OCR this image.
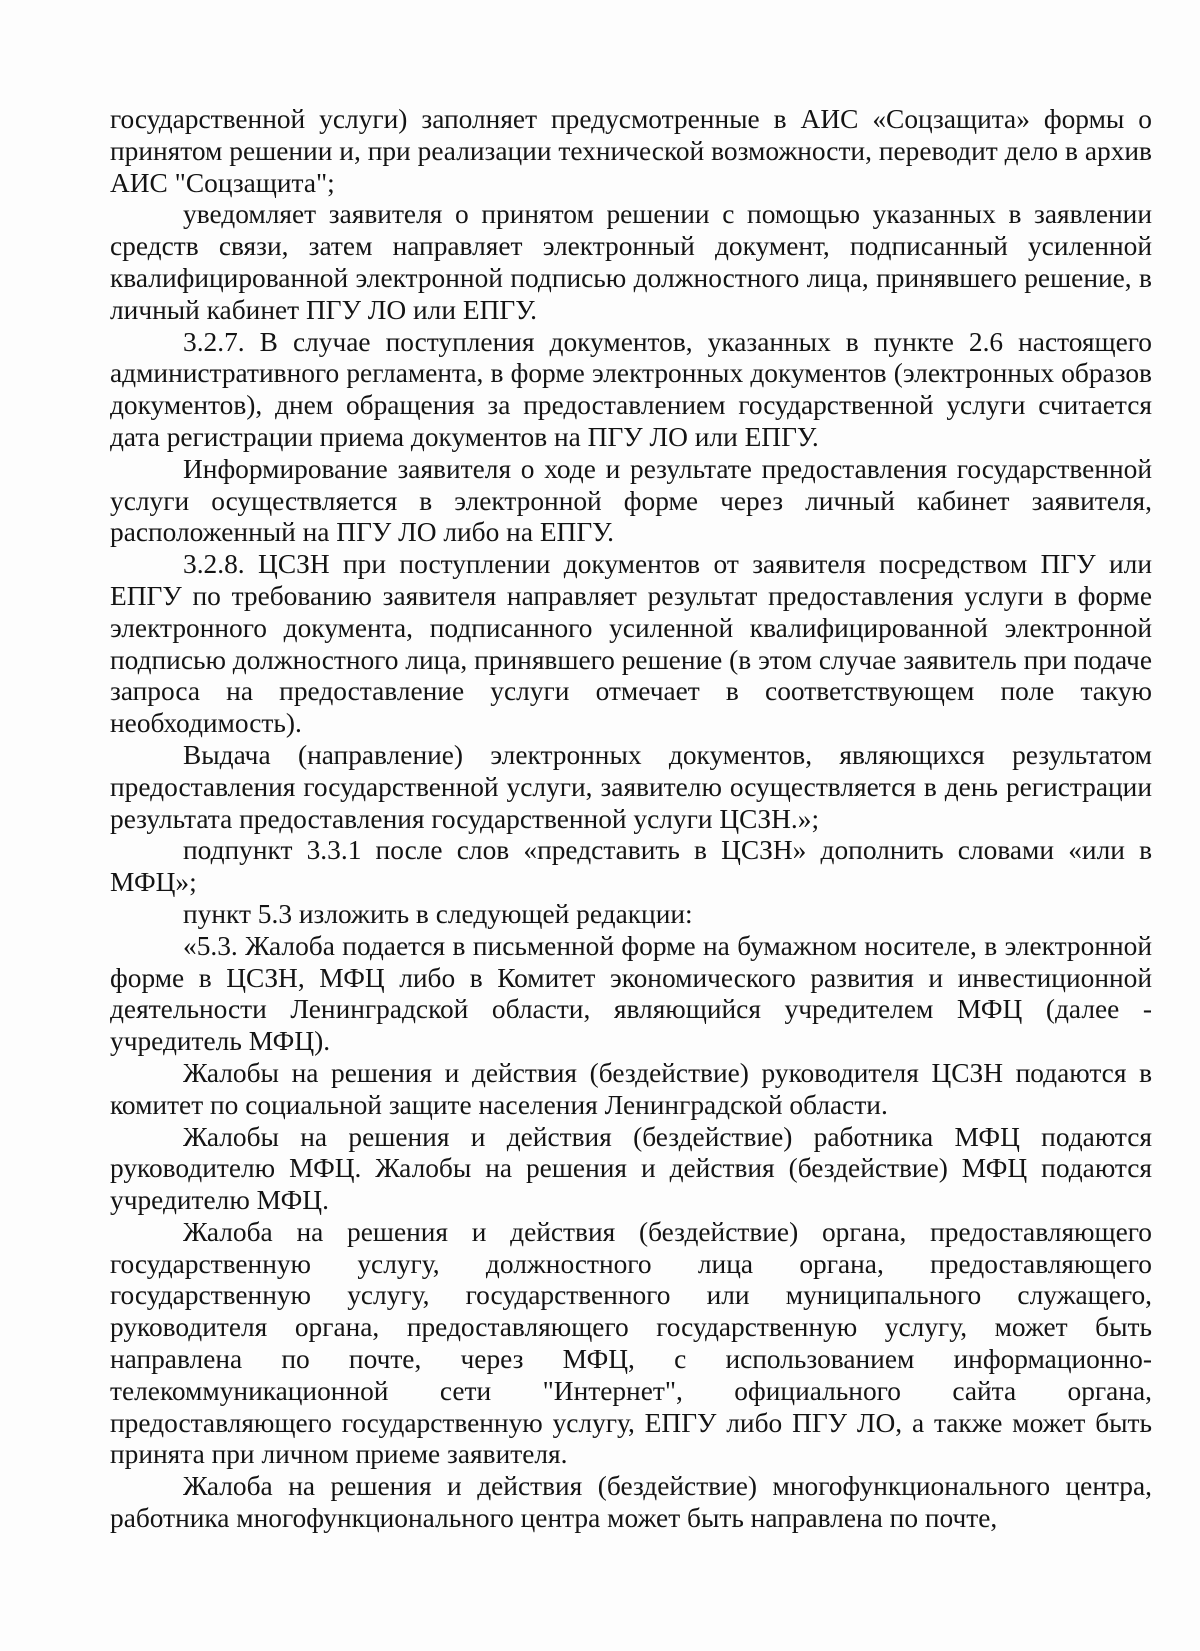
государственной услуги) заполняет предусмотренные в АИС «Соцзащита» формы о принятом решении и, при реализации технической возможности, переводит дело в архив АИС "Соцзащита";

уведомляет заявителя о принятом решении с помощью указанных в заявлении средств связи, затем направляет электронный документ, подписанный усиленной квалифицированной электронной подписью должностного лица, принявшего решение, в личный кабинет ПГУ ЛО или ЕПГУ.

3.2.7. В случае поступления документов, указанных в пункте 2.6 настоящего административного регламента, в форме электронных документов (электронных образов документов), днем обращения за предоставлением государственной услуги считается дата регистрации приема документов на ПГУ ЛО или ЕПГУ.

Информирование заявителя о ходе и результате предоставления государственной услуги осуществляется в электронной форме через личный кабинет заявителя, расположенный на ПГУ ЛО либо на ЕПГУ.

3.2.8. ЦСЗН при поступлении документов от заявителя посредством ПГУ или ЕПГУ по требованию заявителя направляет результат предоставления услуги в форме электронного документа, подписанного усиленной квалифицированной электронной подписью должностного лица, принявшего решение (в этом случае заявитель при подаче запроса на предоставление услуги отмечает в соответствующем поле такую необходимость).

Выдача (направление) электронных документов, являющихся результатом предоставления государственной услуги, заявителю осуществляется в день регистрации результата предоставления государственной услуги ЦСЗН.»;

подпункт 3.3.1 после слов «представить в ЦСЗН» дополнить словами «или в МФЦ»;

пункт 5.3 изложить в следующей редакции:

«5.3. Жалоба подается в письменной форме на бумажном носителе, в электронной форме в ЦСЗН, МФЦ либо в Комитет экономического развития и инвестиционной деятельности Ленинградской области, являющийся учредителем МФЦ (далее - учредитель МФЦ).

Жалобы на решения и действия (бездействие) руководителя ЦСЗН подаются в комитет по социальной защите населения Ленинградской области.

Жалобы на решения и действия (бездействие) работника МФЦ подаются руководителю МФЦ. Жалобы на решения и действия (бездействие) МФЦ подаются учредителю МФЦ.

Жалоба на решения и действия (бездействие) органа, предоставляющего государственную услугу, должностного лица органа, предоставляющего государственную услугу, государственного или муниципального служащего, руководителя органа, предоставляющего государственную услугу, может быть направлена по почте, через МФЦ, с использованием информационно-телекоммуникационной сети "Интернет", официального сайта органа, предоставляющего государственную услугу, ЕПГУ либо ПГУ ЛО, а также может быть принята при личном приеме заявителя.

Жалоба на решения и действия (бездействие) многофункционального центра, работника многофункционального центра может быть направлена по почте,
